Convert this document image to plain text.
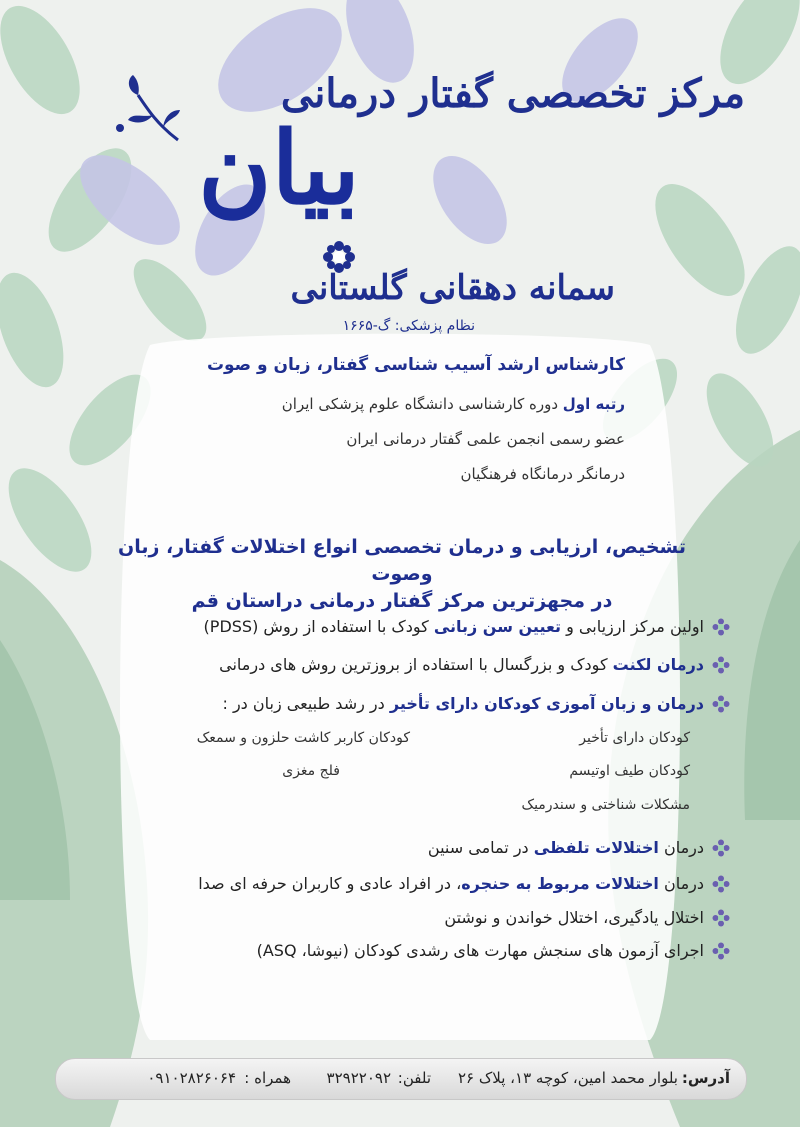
مرکز تخصصی گفتار درمانی
بیان
سمانه دهقانی گلستانی
نظام پزشکی: گ-۱۶۶۵
کارشناس ارشد آسیب شناسی گفتار، زبان و صوت
رتبه اول دوره کارشناسی دانشگاه علوم پزشکی ایران
عضو رسمی انجمن علمی گفتار درمانی ایران
درمانگر درمانگاه فرهنگیان
تشخیص، ارزیابی و درمان تخصصی انواع اختلالات گفتار، زبان وصوت
در مجهزترین مرکز گفتار درمانی دراستان قم
اولین مرکز ارزیابی و تعیین سن زبانی کودک با استفاده از روش (PDSS)
درمان لکنت کودک و بزرگسال با استفاده از بروزترین روش های درمانی
درمان و زبان آموزی کودکان دارای تأخیر در رشد طبیعی زبان در :
کودکان دارای تأخیر
کودکان کاربر کاشت حلزون و سمعک
کودکان طیف اوتیسم
فلج مغزی
مشکلات شناختی و سندرمیک
درمان اختلالات تلفظی در تمامی سنین
درمان اختلالات مربوط به حنجره، در افراد عادی و کاربران حرفه ای صدا
اختلال یادگیری، اختلال خواندن و نوشتن
اجرای آزمون های سنجش مهارت های رشدی کودکان (نیوشا، ASQ)
آدرس:
بلوار محمد امین، کوچه ۱۳، پلاک ۲۶
تلفن:
۳۲۹۲۲۰۹۲
همراه :
۰۹۱۰۲۸۲۶۰۶۴
